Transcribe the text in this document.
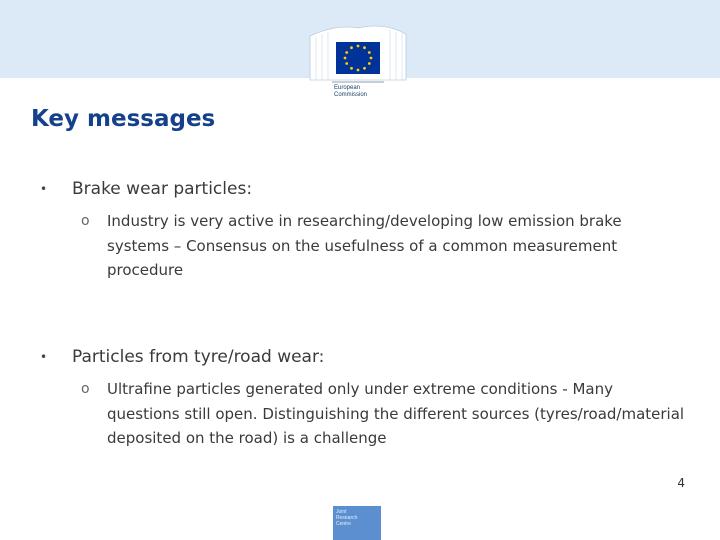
European
Commission
Key messages
• Brake wear particles:
o Industry is very active in researching/developing low emission brake systems – Consensus on the usefulness of a common measurement procedure

• Particles from tyre/road wear:
o Ultrafine particles generated only under extreme conditions - Many questions still open. Distinguishing the different sources (tyres/road/material deposited on the road) is a challenge

4
Joint
Research
Centre
